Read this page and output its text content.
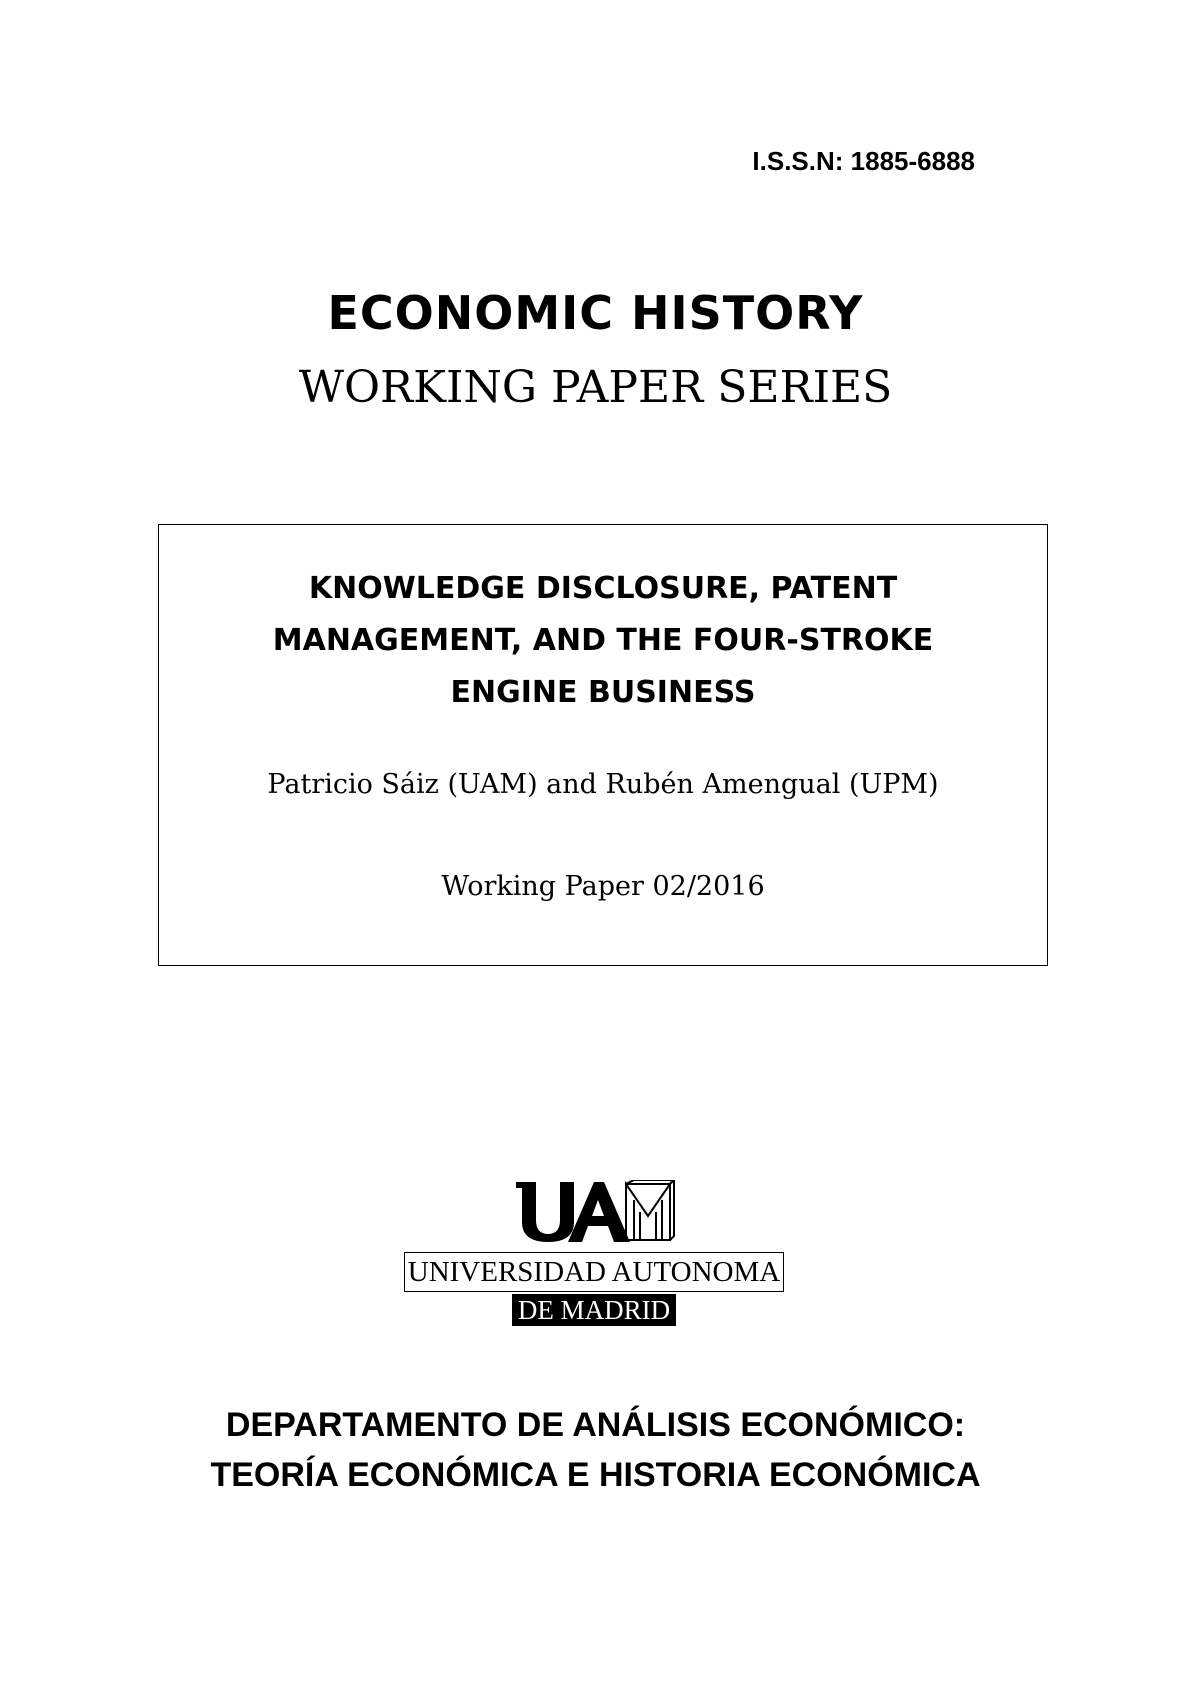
I.S.S.N: 1885-6888
ECONOMIC HISTORY
WORKING PAPER SERIES
KNOWLEDGE DISCLOSURE, PATENT
MANAGEMENT, AND THE FOUR-STROKE
ENGINE BUSINESS
Patricio Sáiz (UAM) and Rubén Amengual (UPM)
Working Paper 02/2016
UNIVERSIDAD AUTONOMA
DE MADRID
DEPARTAMENTO DE ANÁLISIS ECONÓMICO:
TEORÍA ECONÓMICA E HISTORIA ECONÓMICA
